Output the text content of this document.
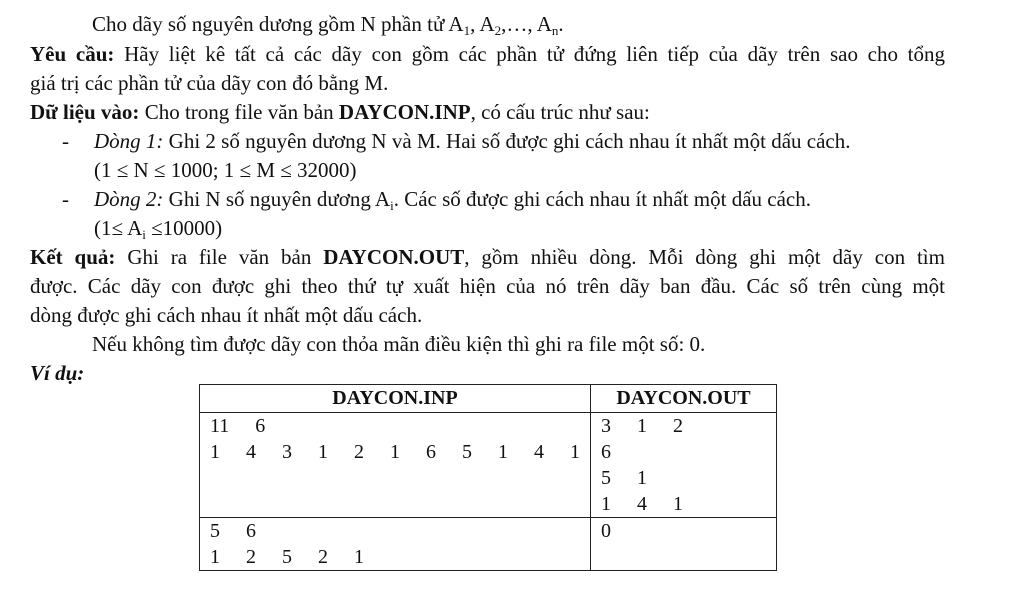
Cho dãy số nguyên dương gồm N phần tử $A_1$, $A_2,\dots$, $A_n$.
Yêu cầu: Hãy liệt kê tất cả các dãy con gồm các phần tử đứng liên tiếp của dãy trên sao cho tổng
giá trị các phần tử của dãy con đó bằng M.
Dữ liệu vào: Cho trong file văn bản DAYCON.INP, có cấu trúc như sau:
- Dòng 1: Ghi 2 số nguyên dương N và M. Hai số được ghi cách nhau ít nhất một dấu cách.
(1 ≤ N ≤ 1000; 1 ≤ M ≤ 32000)
- Dòng 2: Ghi N số nguyên dương $A_i$. Các số được ghi cách nhau ít nhất một dấu cách.
$(1\le A_i \le 10000)$
Kết quả: Ghi ra file văn bản DAYCON.OUT, gồm nhiều dòng. Mỗi dòng ghi một dãy con tìm
được. Các dãy con được ghi theo thứ tự xuất hiện của nó trên dãy ban đầu. Các số trên cùng một
dòng được ghi cách nhau ít nhất một dấu cách.
Nếu không tìm được dãy con thỏa mãn điều kiện thì ghi ra file một số: 0.
Ví dụ:
DAYCON.INP	DAYCON.OUT

11  6
1  4  3  1  2  1  6  5  1  4  1	3  1  2
6
5  1
1  4  1

5  6
1  2  5  2  1	0
